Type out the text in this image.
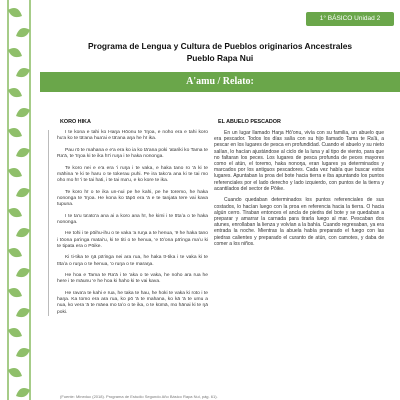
1° BÁSICO Unidad 2
Programa de Lengua y Cultura de Pueblos originarios Ancestrales
Pueblo Rapa Nui
A'amu / Relato:
KORO HĪKA

I te kona e tahi ko Haŋa Hōonu te 'īŋoa, e noho era e tahi koro hu'a ko te tā'ana hua'ai e tā'ana aŋa he hī ika.

Pau rō te mahana e e'a era ko ia ko tā'ana poki 'atariki ko Tama te Ra'ā, te 'īŋoa ki te ika hī'i ruŋa i te haka nononga.

Te koro nei e e'a era 'i ruŋa i te vaka, e haka tano ro 'ā ki te māhina 'e ki te haru o te tokerau puhi. Pe ira tako'a ana ki te tai mo oho mo hī 'i te tai hati, i te tai ma'u, e ko kore te ika.

Te koro hī o te ika un-nui pe he kahi, pe he toremo, he haka nononga te 'īŋoa. He kona ko tāpō era 'ā e te tanjata tere vai kava tupuna.

I te ta'u ta'ato'a ana ai a koro ana hī, he kimi i te tītaʻa o te haka nononga.

He tohi i te pōihu-ihu o te vaka 'a ruŋa a te henua, 'ē he haka tano i tōona pa'inga matai'u, ki te titi o te henua, 'e tōʻona pā'inga maʻu ki te tipata era o Pōike.

Ki ti-tika te ŋā pā'inga nei ara rua, he haka tī-tika i te vaka ki te tītaʻa o ruŋa o te henua, 'o ruŋa o te maraŋa.

He hoa e Tama te Ra'ā i te 'aka o te vaka, he noho ara rua he here i te māunu 'e he hoa ki haho ki te vai kava.

He rava'a te kahi e rua, he taka te hau, he hoki te vaka ki roto i te haŋa. Ka tomo era ara rua, ko pō 'ā te mahana, ko kā 'ā te umu a nua, ko vera 'ā te māea mo taʻo o te ika, o te kūmā, mo hānai ki te ŋā poki.

EL ABUELO PESCADOR

En un lugar llamado Haŋa Hō'onu, vivía con su familia, un abuelo que era pescador. Todos los días salía con su hijo llamado Tama te Ra'ā, a pescar en los lugares de pesca en profundidad. Cuando el abuelo y su nieto salían, lo hacían ajustándose al ciclo de la luna y al tipo de viento, para que no faltaran los peces. Los lugares de pesca profunda de peces mayores como el atún, el toremo, haka nonoŋa, eran lugares ya determinados y marcados por los antiguos pescadores. Cada vez había que buscar estos lugares. Apuntaban la proa del bote hacia tierra e iba apuntando los puntos referenciales por el lado derecho y lado izquierdo, con puntos de la tierra y acantilados del sector de Pōike.

Cuando quedaban determinados los puntos referenciales de sus costados, lo hacían luego con la proa en referencia hacia la tierra. O hacia algún cerro. Tiraban entonces el ancla de piedra del bote y se quedaban a preparar y amarrar la carnada para tirarla luego al mar. Pescaban dos atunes, enrollaban la lienza y volvían a la bahía. Cuando regresaban, ya era entrada la noche. Mientras la abuela había preparado el fuego con las piedras calientes y preparado el curanto de atún, con camotes, y daba de comer a los niños.

(Fuente: Mineduc (2018). Programa de Estudio Segundo Año Básico Rapa Nui, pág. 61).
